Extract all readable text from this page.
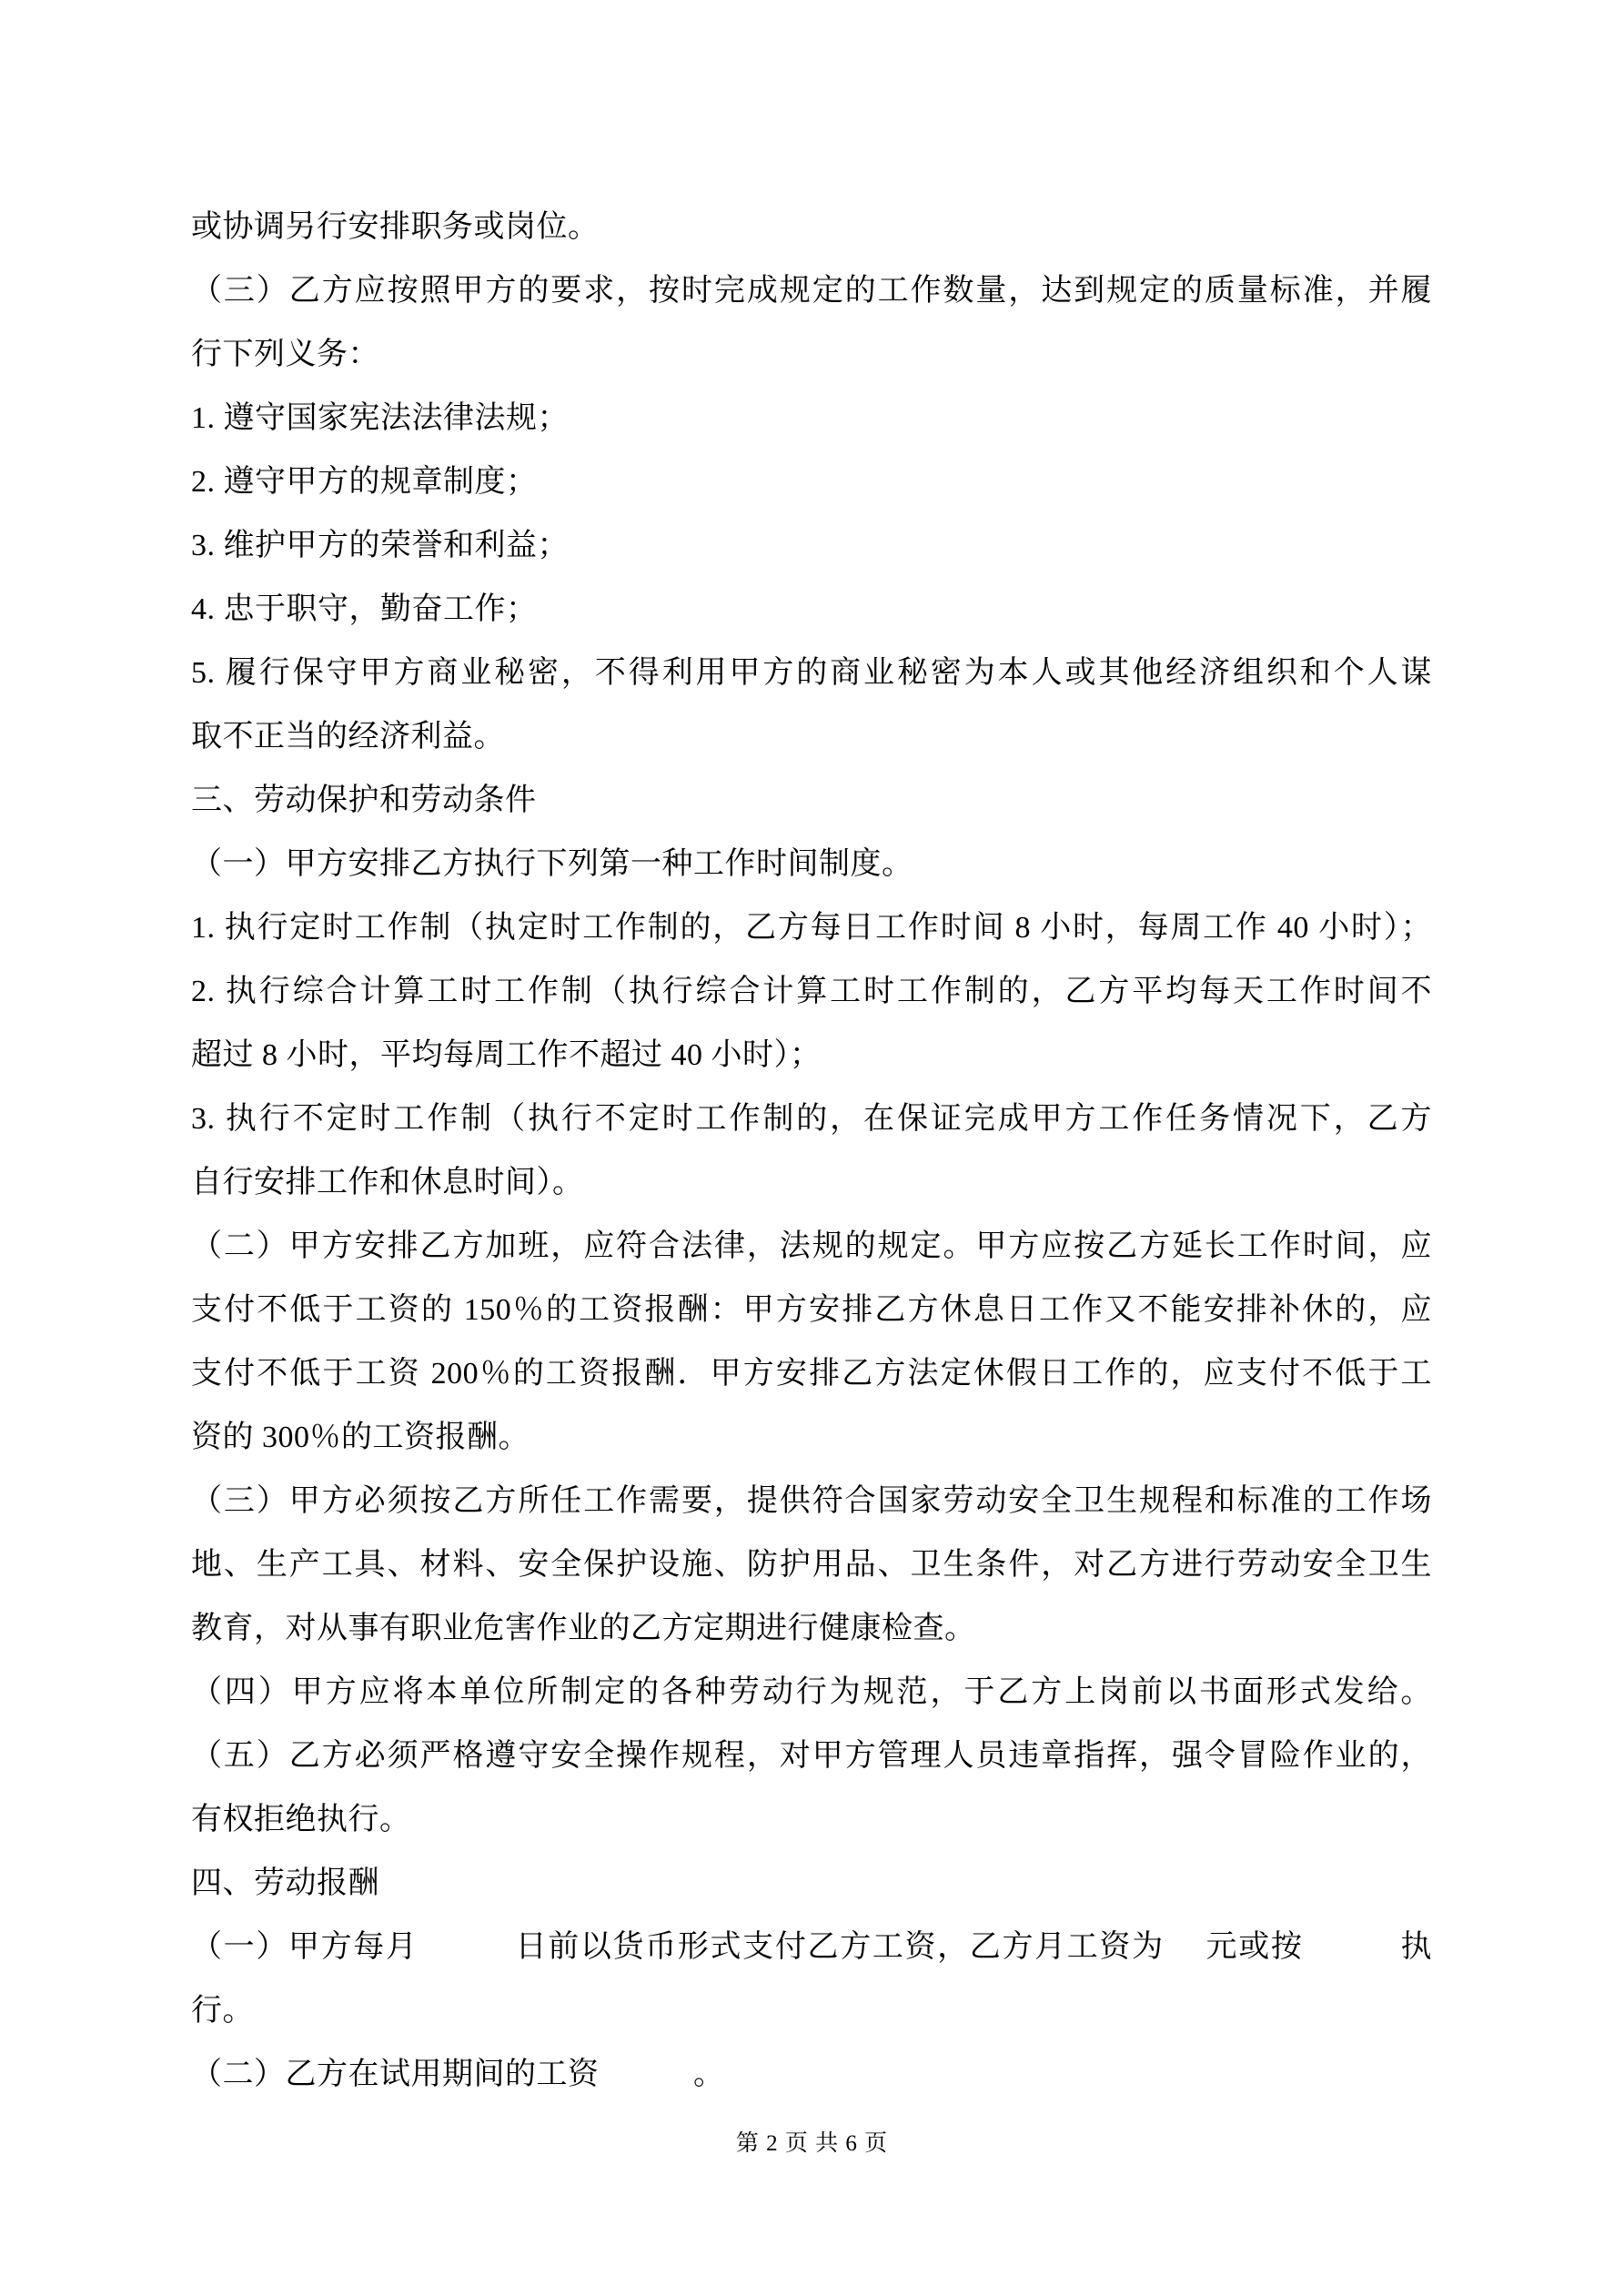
或协调另行安排职务或岗位。
（三）乙方应按照甲方的要求，按时完成规定的工作数量，达到规定的质量标准，并履
行下列义务：
1. 遵守国家宪法法律法规；
2. 遵守甲方的规章制度；
3. 维护甲方的荣誉和利益；
4. 忠于职守，勤奋工作；
5. 履行保守甲方商业秘密，不得利用甲方的商业秘密为本人或其他经济组织和个人谋
取不正当的经济利益。
三、劳动保护和劳动条件
（一）甲方安排乙方执行下列第一种工作时间制度。
1. 执行定时工作制（执定时工作制的，乙方每日工作时间 8 小时，每周工作 40 小时）；
2. 执行综合计算工时工作制（执行综合计算工时工作制的，乙方平均每天工作时间不
超过 8 小时，平均每周工作不超过 40 小时）；
3. 执行不定时工作制（执行不定时工作制的，在保证完成甲方工作任务情况下，乙方
自行安排工作和休息时间）。
（二）甲方安排乙方加班，应符合法律，法规的规定。甲方应按乙方延长工作时间，应
支付不低于工资的 150％的工资报酬：甲方安排乙方休息日工作又不能安排补休的，应
支付不低于工资 200％的工资报酬．甲方安排乙方法定休假日工作的，应支付不低于工
资的 300％的工资报酬。
（三）甲方必须按乙方所任工作需要，提供符合国家劳动安全卫生规程和标准的工作场
地、生产工具、材料、安全保护设施、防护用品、卫生条件，对乙方进行劳动安全卫生
教育，对从事有职业危害作业的乙方定期进行健康检查。
（四）甲方应将本单位所制定的各种劳动行为规范，于乙方上岗前以书面形式发给。
（五）乙方必须严格遵守安全操作规程，对甲方管理人员违章指挥，强令冒险作业的，
有权拒绝执行。
四、劳动报酬
（一）甲方每月　　　日前以货币形式支付乙方工资，乙方月工资为　 元或按　　　执
行。
（二）乙方在试用期间的工资　　　。
第 2 页 共 6 页
